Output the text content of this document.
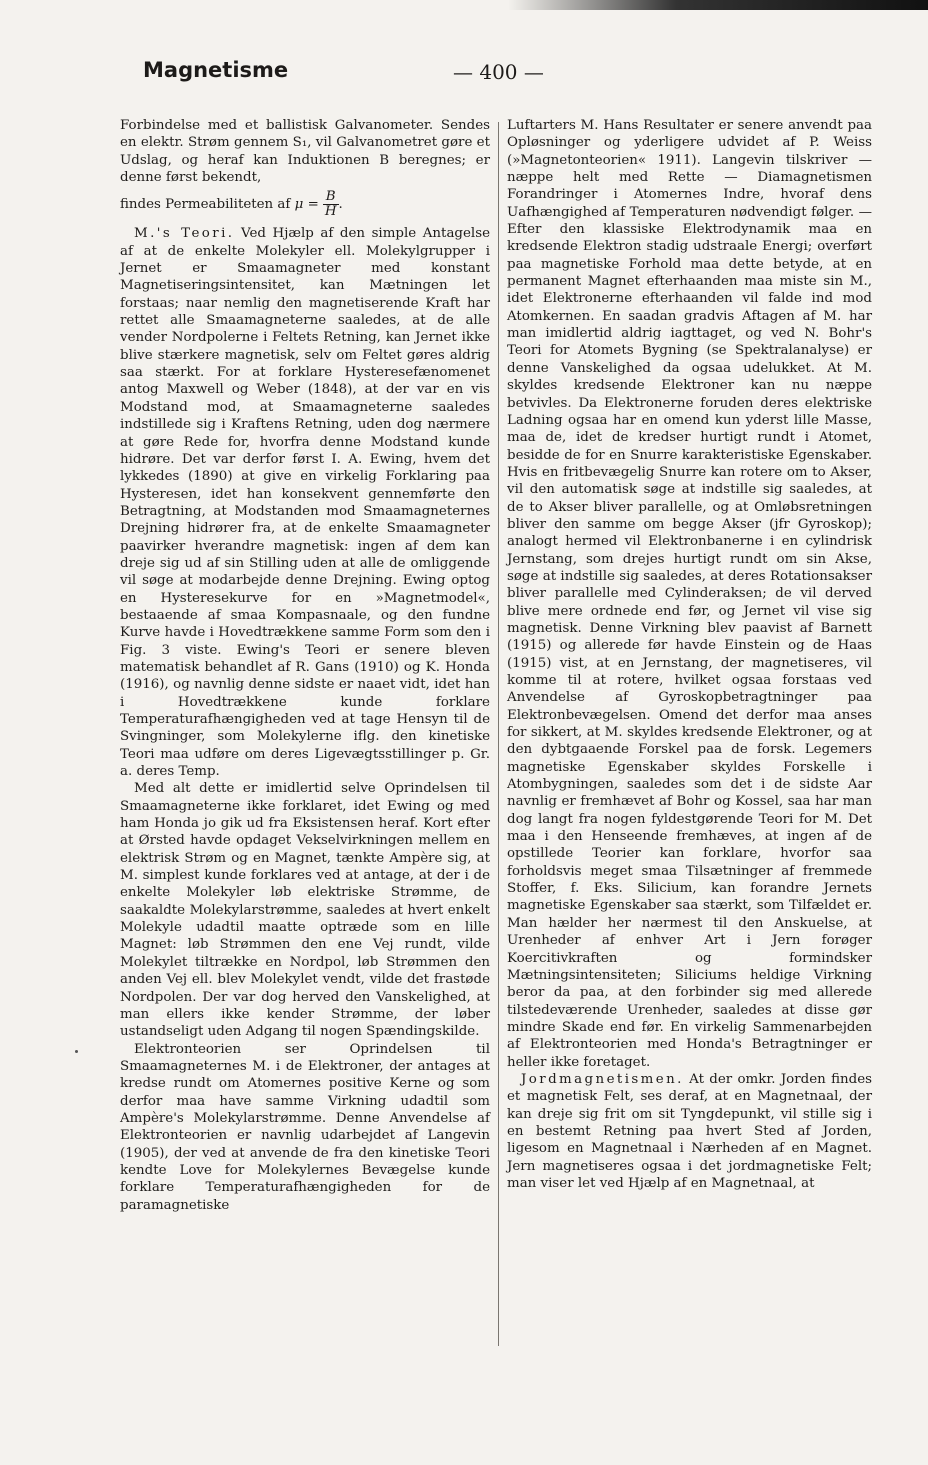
Magnetisme	— 400 —

Forbindelse med et ballistisk Galvanometer. Sendes en elektr. Strøm gennem S₁, vil Galvanometret gøre et Udslag, og heraf kan Induktionen B beregnes; er denne først bekendt,

findes Permeabiliteten af $\mu = \frac{B}{H}$ .

M.'s Teori. Ved Hjælp af den simple Antagelse af at de enkelte Molekyler ell. Molekylgrupper i Jernet er Smaamagneter med konstant Magnetiseringsintensitet, kan Mætningen let forstaas; naar nemlig den magnetiserende Kraft har rettet alle Smaamagneterne saaledes, at de alle vender Nordpolerne i Feltets Retning, kan Jernet ikke blive stærkere magnetisk, selv om Feltet gøres aldrig saa stærkt. For at forklare Hysteresefænomenet antog Maxwell og Weber (1848), at der var en vis Modstand mod, at Smaamagneterne saaledes indstillede sig i Kraftens Retning, uden dog nærmere at gøre Rede for, hvorfra denne Modstand kunde hidrøre. Det var derfor først I. A. Ewing, hvem det lykkedes (1890) at give en virkelig Forklaring paa Hysteresen, idet han konsekvent gennemførte den Betragtning, at Modstanden mod Smaamagneternes Drejning hidrører fra, at de enkelte Smaamagneter paavirker hverandre magnetisk: ingen af dem kan dreje sig ud af sin Stilling uden at alle de omliggende vil søge at modarbejde denne Drejning. Ewing optog en Hysteresekurve for en »Magnetmodel«, bestaaende af smaa Kompasnaale, og den fundne Kurve havde i Hovedtrækkene samme Form som den i Fig. 3 viste. Ewing's Teori er senere bleven matematisk behandlet af R. Gans (1910) og K. Honda (1916), og navnlig denne sidste er naaet vidt, idet han i Hovedtrækkene kunde forklare Temperaturafhængigheden ved at tage Hensyn til de Svingninger, som Molekylerne iflg. den kinetiske Teori maa udføre om deres Ligevægtsstillinger p. Gr. a. deres Temp.

Med alt dette er imidlertid selve Oprindelsen til Smaamagneterne ikke forklaret, idet Ewing og med ham Honda jo gik ud fra Eksistensen heraf. Kort efter at Ørsted havde opdaget Vekselvirkningen mellem en elektrisk Strøm og en Magnet, tænkte Ampère sig, at M. simplest kunde forklares ved at antage, at der i de enkelte Molekyler løb elektriske Strømme, de saakaldte Molekylarstrømme, saaledes at hvert enkelt Molekyle udadtil maatte optræde som en lille Magnet: løb Strømmen den ene Vej rundt, vilde Molekylet tiltrække en Nordpol, løb Strømmen den anden Vej ell. blev Molekylet vendt, vilde det frastøde Nordpolen. Der var dog herved den Vanskelighed, at man ellers ikke kender Strømme, der løber ustandseligt uden Adgang til nogen Spændingskilde.

Elektronteorien ser Oprindelsen til Smaamagneternes M. i de Elektroner, der antages at kredse rundt om Atomernes positive Kerne og som derfor maa have samme Virkning udadtil som Ampère's Molekylarstrømme. Denne Anvendelse af Elektronteorien er navnlig udarbejdet af Langevin (1905), der ved at anvende de fra den kinetiske Teori kendte Love for Molekylernes Bevægelse kunde forklare Temperaturafhængigheden for de paramagnetiske

Luftarters M. Hans Resultater er senere anvendt paa Opløsninger og yderligere udvidet af P. Weiss (»Magnetonteorien« 1911). Langevin tilskriver — næppe helt med Rette — Diamagnetismen Forandringer i Atomernes Indre, hvoraf dens Uafhængighed af Temperaturen nødvendigt følger. — Efter den klassiske Elektrodynamik maa en kredsende Elektron stadig udstraale Energi; overført paa magnetiske Forhold maa dette betyde, at en permanent Magnet efterhaanden maa miste sin M., idet Elektronerne efterhaanden vil falde ind mod Atomkernen. En saadan gradvis Aftagen af M. har man imidlertid aldrig iagttaget, og ved N. Bohr's Teori for Atomets Bygning (se Spektralanalyse) er denne Vanskelighed da ogsaa udelukket. At M. skyldes kredsende Elektroner kan nu næppe betvivles. Da Elektronerne foruden deres elektriske Ladning ogsaa har en omend kun yderst lille Masse, maa de, idet de kredser hurtigt rundt i Atomet, besidde de for en Snurre karakteristiske Egenskaber. Hvis en fritbevægelig Snurre kan rotere om to Akser, vil den automatisk søge at indstille sig saaledes, at de to Akser bliver parallelle, og at Omløbsretningen bliver den samme om begge Akser (jfr Gyroskop); analogt hermed vil Elektronbanerne i en cylindrisk Jernstang, som drejes hurtigt rundt om sin Akse, søge at indstille sig saaledes, at deres Rotationsakser bliver parallelle med Cylinderaksen; de vil derved blive mere ordnede end før, og Jernet vil vise sig magnetisk. Denne Virkning blev paavist af Barnett (1915) og allerede før havde Einstein og de Haas (1915) vist, at en Jernstang, der magnetiseres, vil komme til at rotere, hvilket ogsaa forstaas ved Anvendelse af Gyroskopbetragtninger paa Elektronbevægelsen. Omend det derfor maa anses for sikkert, at M. skyldes kredsende Elektroner, og at den dybtgaaende Forskel paa de forsk. Legemers magnetiske Egenskaber skyldes Forskelle i Atombygningen, saaledes som det i de sidste Aar navnlig er fremhævet af Bohr og Kossel, saa har man dog langt fra nogen fyldestgørende Teori for M. Det maa i den Henseende fremhæves, at ingen af de opstillede Teorier kan forklare, hvorfor saa forholdsvis meget smaa Tilsætninger af fremmede Stoffer, f. Eks. Silicium, kan forandre Jernets magnetiske Egenskaber saa stærkt, som Tilfældet er. Man hælder her nærmest til den Anskuelse, at Urenheder af enhver Art i Jern forøger Koercitivkraften og formindsker Mætningsintensiteten; Siliciums heldige Virkning beror da paa, at den forbinder sig med allerede tilstedeværende Urenheder, saaledes at disse gør mindre Skade end før. En virkelig Sammenarbejden af Elektronteorien med Honda's Betragtninger er heller ikke foretaget.

Jordmagnetismen. At der omkr. Jorden findes et magnetisk Felt, ses deraf, at en Magnetnaal, der kan dreje sig frit om sit Tyngdepunkt, vil stille sig i en bestemt Retning paa hvert Sted af Jorden, ligesom en Magnetnaal i Nærheden af en Magnet. Jern magnetiseres ogsaa i det jordmagnetiske Felt; man viser let ved Hjælp af en Magnetnaal, at
